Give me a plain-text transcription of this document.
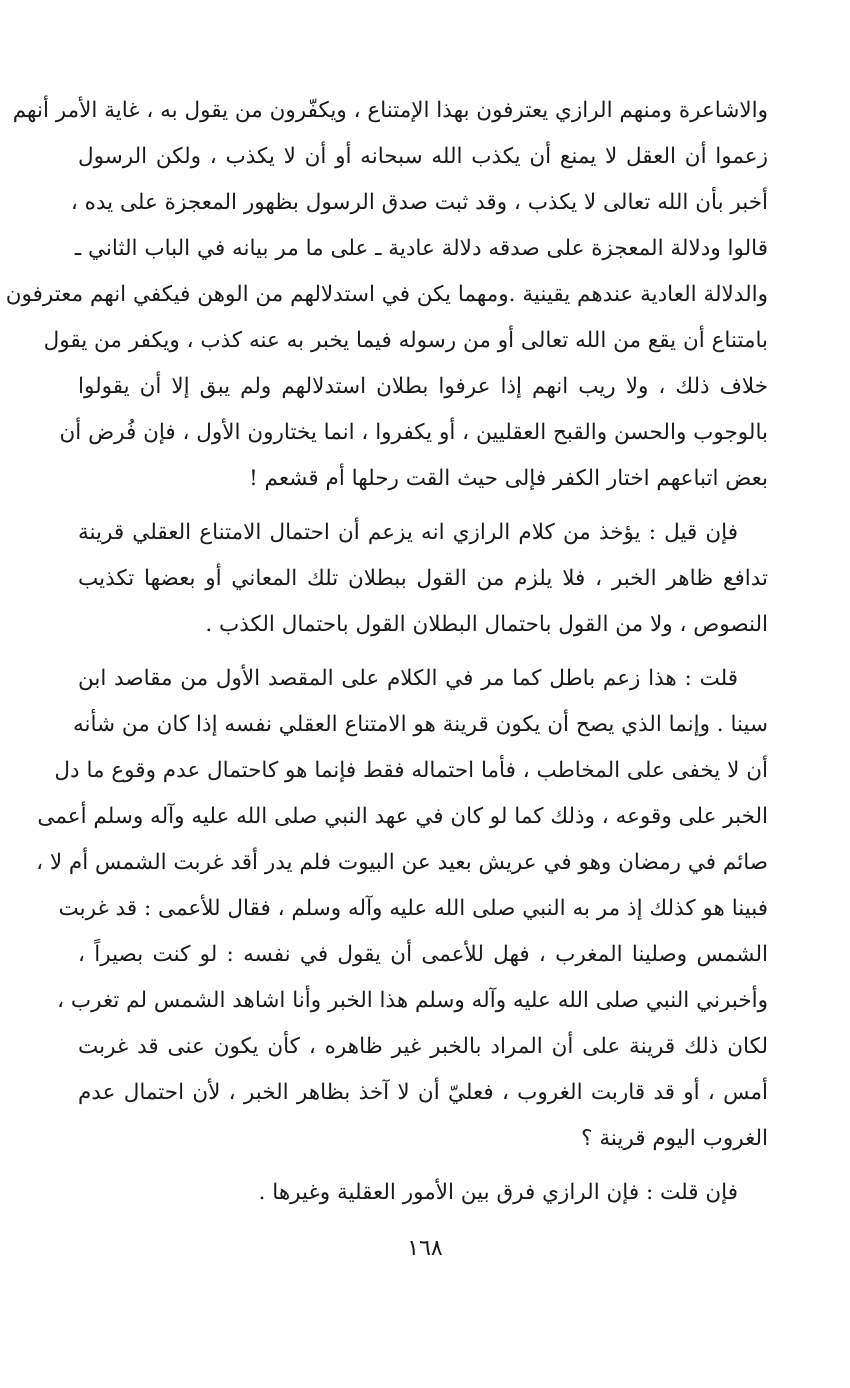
والاشاعرة ومنهم الرازي يعترفون بهذا الإمتناع ، ويكفّرون من يقول به ، غاية الأمر أنهم
زعموا أن العقل لا يمنع أن يكذب الله سبحانه أو أن لا يكذب ، ولكن الرسول
أخبر بأن الله تعالى لا يكذب ، وقد ثبت صدق الرسول بظهور المعجزة على يده ،
قالوا ودلالة المعجزة على صدقه دلالة عادية ـ على ما مر بيانه في الباب الثاني ـ
والدلالة العادية عندهم يقينية .ومهما يكن في استدلالهم من الوهن فيكفي انهم معترفون
بامتناع أن يقع من الله تعالى أو من رسوله فيما يخبر به عنه كذب ، ويكفر من يقول
خلاف ذلك ، ولا ريب انهم إذا عرفوا بطلان استدلالهم ولم يبق إلا أن يقولوا
بالوجوب والحسن والقبح العقليين ، أو يكفروا ، انما يختارون الأول ، فإن فُرض أن
بعض اتباعهم اختار الكفر فإلى حيث القت رحلها أم قشعم !
فإن قيل : يؤخذ من كلام الرازي انه يزعم أن احتمال الامتناع العقلي قرينة
تدافع ظاهر الخبر ، فلا يلزم من القول ببطلان تلك المعاني أو بعضها تكذيب
النصوص ، ولا من القول باحتمال البطلان القول باحتمال الكذب .
قلت : هذا زعم باطل كما مر في الكلام على المقصد الأول من مقاصد ابن
سينا . وإنما الذي يصح أن يكون قرينة هو الامتناع العقلي نفسه إذا كان من شأنه
أن لا يخفى على المخاطب ، فأما احتماله فقط فإنما هو كاحتمال عدم وقوع ما دل
الخبر على وقوعه ، وذلك كما لو كان في عهد النبي صلى الله عليه وآله وسلم أعمى
صائم في رمضان وهو في عريش بعيد عن البيوت فلم يدر أقد غربت الشمس أم لا ،
فبينا هو كذلك إذ مر به النبي صلى الله عليه وآله وسلم ، فقال للأعمى : قد غربت
الشمس وصلينا المغرب ، فهل للأعمى أن يقول في نفسه : لو كنت بصيراً ،
وأخبرني النبي صلى الله عليه وآله وسلم هذا الخبر وأنا اشاهد الشمس لم تغرب ،
لكان ذلك قرينة على أن المراد بالخبر غير ظاهره ، كأن يكون عنى قد غربت
أمس ، أو قد قاربت الغروب ، فعليّ أن لا آخذ بظاهر الخبر ، لأن احتمال عدم
الغروب اليوم قرينة ؟
فإن قلت : فإن الرازي فرق بين الأمور العقلية وغيرها .
١٦٨
